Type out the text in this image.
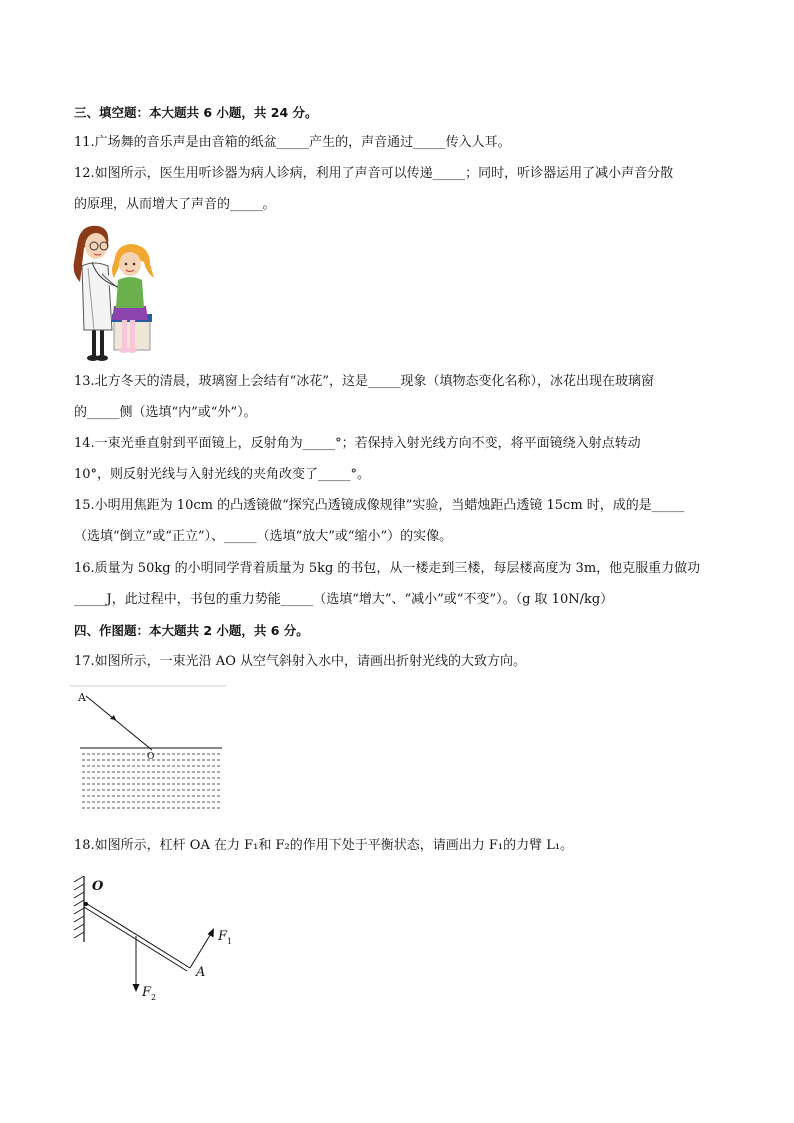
三、填空题：本大题共 6 小题，共 24 分。
11.广场舞的音乐声是由音箱的纸盆_____产生的，声音通过_____传入人耳。
12.如图所示，医生用听诊器为病人诊病，利用了声音可以传递_____；同时，听诊器运用了减小声音分散
的原理，从而增大了声音的_____。
13.北方冬天的清晨，玻璃窗上会结有“冰花”，这是_____现象（填物态变化名称），冰花出现在玻璃窗
的_____侧（选填“内”或“外”）。
14.一束光垂直射到平面镜上，反射角为_____°；若保持入射光线方向不变，将平面镜绕入射点转动
10°，则反射光线与入射光线的夹角改变了_____°。
15.小明用焦距为 10cm 的凸透镜做“探究凸透镜成像规律”实验，当蜡烛距凸透镜 15cm 时，成的是_____
（选填“倒立”或“正立”）、_____（选填“放大”或“缩小”）的实像。
16.质量为 50kg 的小明同学背着质量为 5kg 的书包，从一楼走到三楼，每层楼高度为 3m，他克服重力做功
_____J，此过程中，书包的重力势能_____（选填“增大”、“减小”或“不变”）。（g 取 10N/kg）
四、作图题：本大题共 2 小题，共 6 分。
17.如图所示，一束光沿 AO 从空气斜射入水中，请画出折射光线的大致方向。
A
O
18.如图所示，杠杆 OA 在力 F₁和 F₂的作用下处于平衡状态，请画出力 F₁的力臂 L₁。
O
$F_2$
$F_1$
A
